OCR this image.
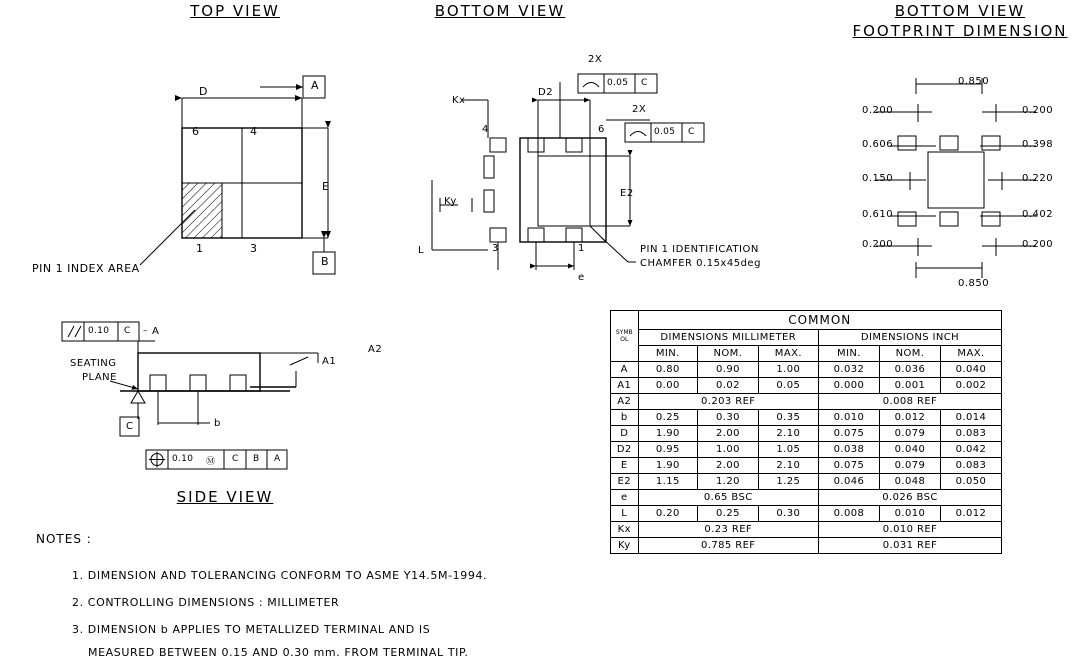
TOP VIEW	BOTTOM VIEW	BOTTOM VIEW
FOOTPRINT DIMENSION
SIDE VIEW
D
E
A
B
6	4
1	3
PIN 1 INDEX AREA
Kx
Ky
D2
E2
L
e
4	6
3	1
2X
0.05 C
2X
0.05 C
PIN 1 IDENTIFICATION
CHAMFER 0.15x45deg
0.200	0.200
0.850
0.606	0.398
0.150	0.220
0.610	0.402
0.200	0.200
0.850
0.10 C A
–
SEATING
PLANE
C
A1
A2
b
0.10 Ⓜ C B A
NOTES :
1. DIMENSION AND TOLERANCING CONFORM TO ASME Y14.5M-1994.
2. CONTROLLING DIMENSIONS : MILLIMETER
3. DIMENSION b APPLIES TO METALLIZED TERMINAL AND IS
MEASURED BETWEEN 0.15 AND 0.30 mm. FROM TERMINAL TIP.
SYMBOL	COMMON					
	DIMENSIONS MILLIMETER			DIMENSIONS INCH		
	MIN.	NOM.	MAX.	MIN.	NOM.	MAX.
A	0.80	0.90	1.00	0.032	0.036	0.040
A1	0.00	0.02	0.05	0.000	0.001	0.002
A2	0.203 REF			0.008 REF		
b	0.25	0.30	0.35	0.010	0.012	0.014
D	1.90	2.00	2.10	0.075	0.079	0.083
D2	0.95	1.00	1.05	0.038	0.040	0.042
E	1.90	2.00	2.10	0.075	0.079	0.083
E2	1.15	1.20	1.25	0.046	0.048	0.050
e	0.65 BSC			0.026 BSC		
L	0.20	0.25	0.30	0.008	0.010	0.012
Kx	0.23 REF			0.010 REF		
Ky	0.785 REF			0.031 REF		
